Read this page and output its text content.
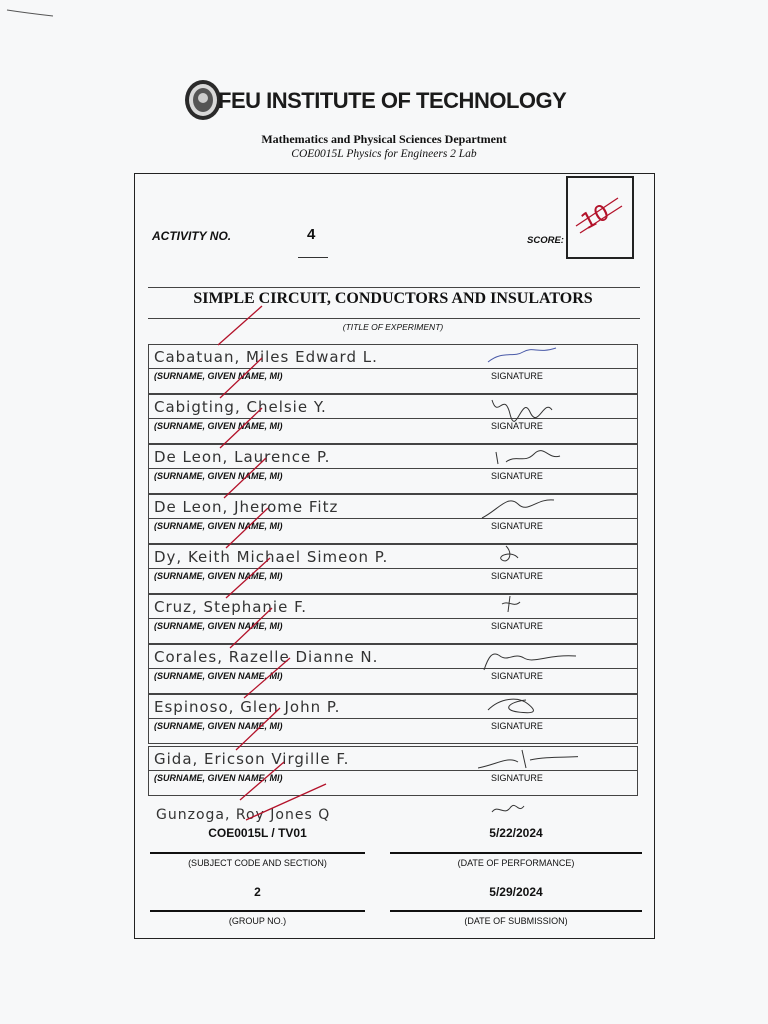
FEU INSTITUTE OF TECHNOLOGY
Mathematics and Physical Sciences Department
COE0015L Physics for Engineers 2 Lab
ACTIVITY NO.	4	SCORE:
10
SIMPLE CIRCUIT, CONDUCTORS AND INSULATORS
(TITLE OF EXPERIMENT)
Cabatuan, Miles Edward L.
(SURNAME, GIVEN NAME, MI)	SIGNATURE
Cabigting, Chelsie Y.
(SURNAME, GIVEN NAME, MI)	SIGNATURE
De Leon, Laurence P.
(SURNAME, GIVEN NAME, MI)	SIGNATURE
De Leon, Jherome Fitz
(SURNAME, GIVEN NAME, MI)	SIGNATURE
Dy, Keith Michael Simeon P.
(SURNAME, GIVEN NAME, MI)	SIGNATURE
Cruz, Stephanie F.
(SURNAME, GIVEN NAME, MI)	SIGNATURE
Corales, Razelle Dianne N.
(SURNAME, GIVEN NAME, MI)	SIGNATURE
Espinoso, Glen John P.
(SURNAME, GIVEN NAME, MI)	SIGNATURE
Gida, Ericson Virgille F.
(SURNAME, GIVEN NAME, MI)	SIGNATURE
Gunzoga, Roy Jones Q
COE0015L / TV01	5/22/2024
(SUBJECT CODE AND SECTION)	(DATE OF PERFORMANCE)
2	5/29/2024
(GROUP NO.)	(DATE OF SUBMISSION)
